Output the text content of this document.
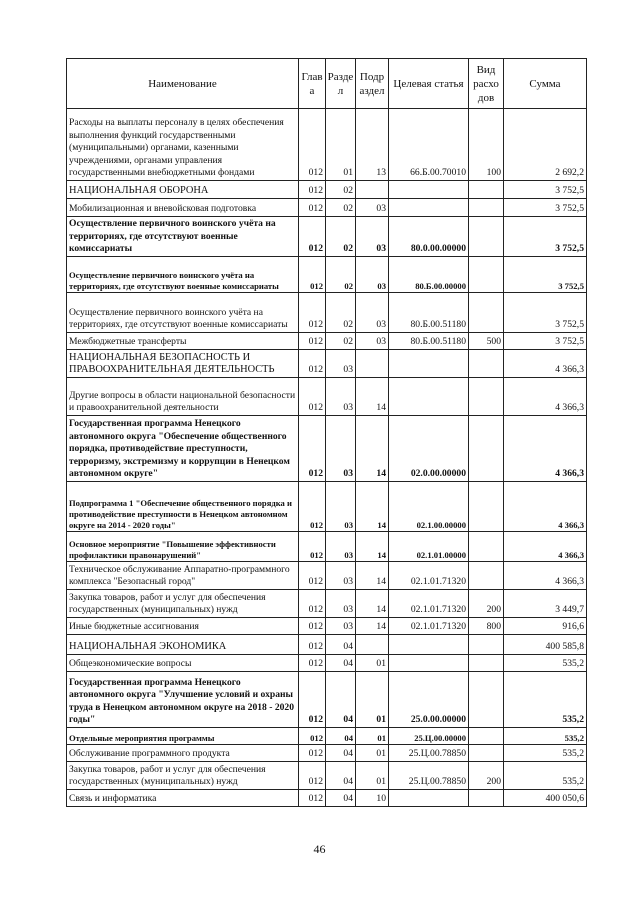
Наименование	Глав а	Разде л	Подр аздел	Целевая статья	Вид расхо дов	Сумма
Расходы на выплаты персоналу в целях обеспечения выполнения функций государственными (муниципальными) органами, казенными учреждениями, органами управления государственными внебюджетными фондами	012	01	13	66.Б.00.70010	100	2 692,2
НАЦИОНАЛЬНАЯ ОБОРОНА	012	02				3 752,5
Мобилизационная и вневойсковая подготовка	012	02	03			3 752,5
Осуществление первичного воинского учёта на территориях, где отсутствуют военные комиссариаты	012	02	03	80.0.00.00000		3 752,5
Осуществление первичного воинского учёта на территориях, где отсутствуют военные комиссариаты	012	02	03	80.Б.00.00000		3 752,5
Осуществление первичного воинского учёта на территориях, где отсутствуют военные комиссариаты	012	02	03	80.Б.00.51180		3 752,5
Межбюджетные трансферты	012	02	03	80.Б.00.51180	500	3 752,5
НАЦИОНАЛЬНАЯ БЕЗОПАСНОСТЬ И ПРАВООХРАНИТЕЛЬНАЯ ДЕЯТЕЛЬНОСТЬ	012	03				4 366,3
Другие вопросы в области национальной безопасности и правоохранительной деятельности	012	03	14			4 366,3
Государственная программа Ненецкого автономного округа "Обеспечение общественного порядка, противодействие преступности, терроризму, экстремизму и коррупции в Ненецком автономном округе"	012	03	14	02.0.00.00000		4 366,3
Подпрограмма 1 "Обеспечение общественного порядка и противодействие преступности в Ненецком автономном округе на 2014 - 2020 годы"	012	03	14	02.1.00.00000		4 366,3
Основное мероприятие "Повышение эффективности профилактики правонарушений"	012	03	14	02.1.01.00000		4 366,3
Техническое обслуживание Аппаратно-программного комплекса "Безопасный город"	012	03	14	02.1.01.71320		4 366,3
Закупка товаров, работ и услуг для обеспечения государственных (муниципальных) нужд	012	03	14	02.1.01.71320	200	3 449,7
Иные бюджетные ассигнования	012	03	14	02.1.01.71320	800	916,6
НАЦИОНАЛЬНАЯ ЭКОНОМИКА	012	04				400 585,8
Общеэкономические вопросы	012	04	01			535,2
Государственная программа Ненецкого автономного округа "Улучшение условий и охраны труда в Ненецком автономном округе на 2018 - 2020 годы"	012	04	01	25.0.00.00000		535,2
Отдельные мероприятия программы	012	04	01	25.Ц.00.00000		535,2
Обслуживание программного продукта	012	04	01	25.Ц.00.78850		535,2
Закупка товаров, работ и услуг для обеспечения государственных (муниципальных) нужд	012	04	01	25.Ц.00.78850	200	535,2
Связь и информатика	012	04	10			400 050,6
46
